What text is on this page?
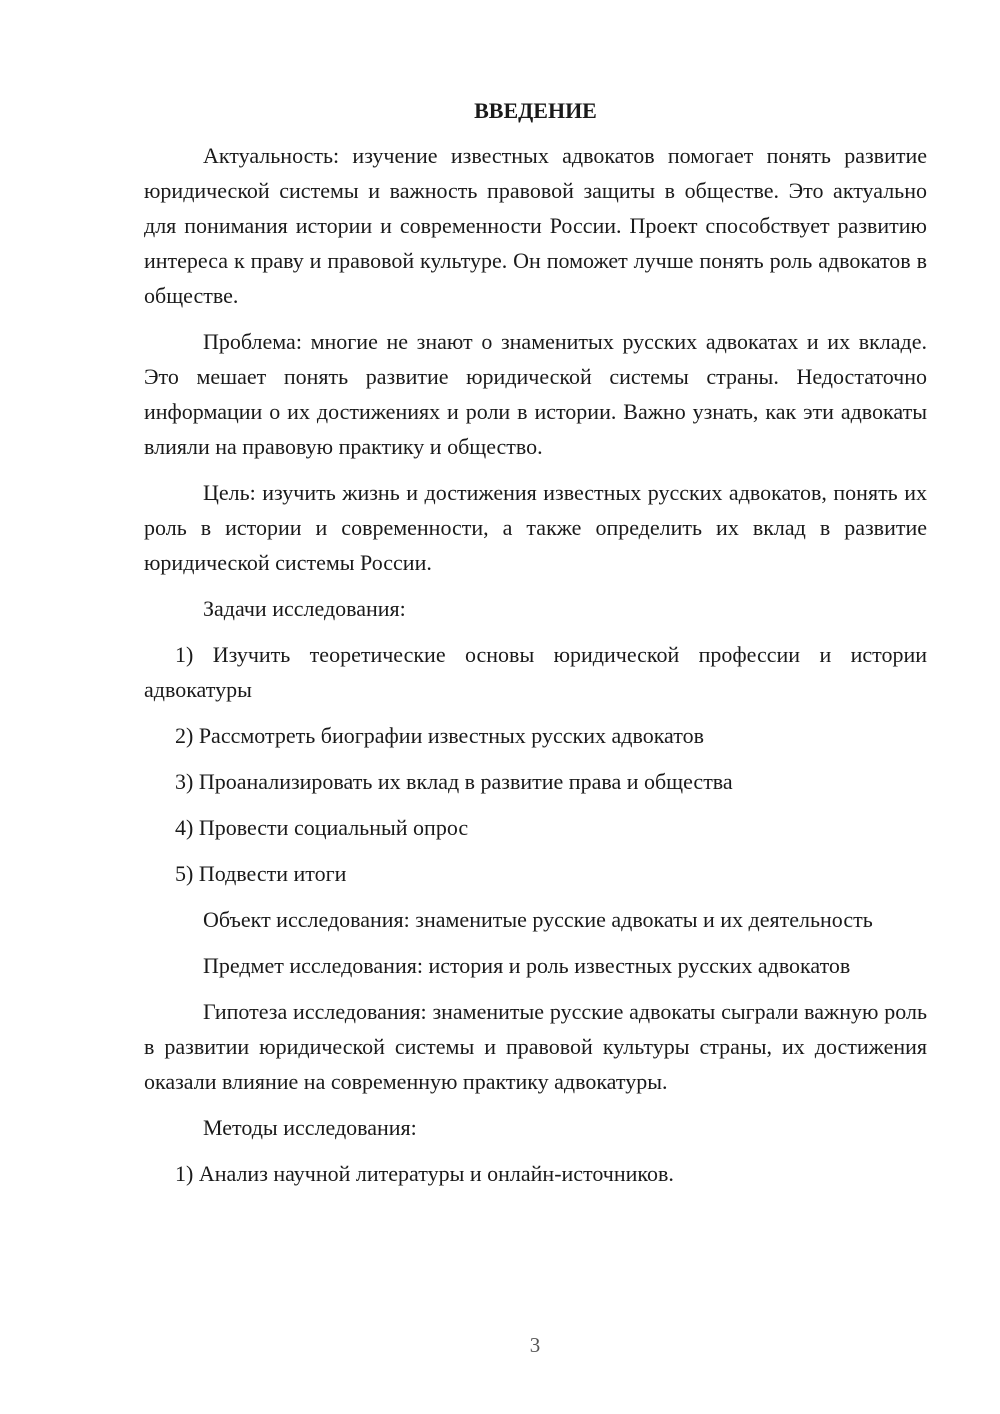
ВВЕДЕНИЕ

Актуальность: изучение известных адвокатов помогает понять развитие юридической системы и важность правовой защиты в обществе. Это актуально для понимания истории и современности России. Проект способствует развитию интереса к праву и правовой культуре. Он поможет лучше понять роль адвокатов в обществе.

Проблема: многие не знают о знаменитых русских адвокатах и их вкладе. Это мешает понять развитие юридической системы страны. Недостаточно информации о их достижениях и роли в истории. Важно узнать, как эти адвокаты влияли на правовую практику и общество.

Цель: изучить жизнь и достижения известных русских адвокатов, понять их роль в истории и современности, а также определить их вклад в развитие юридической системы России.

Задачи исследования:

1) Изучить теоретические основы юридической профессии и истории адвокатуры

2) Рассмотреть биографии известных русских адвокатов

3) Проанализировать их вклад в развитие права и общества

4) Провести социальный опрос

5) Подвести итоги

Объект исследования: знаменитые русские адвокаты и их деятельность

Предмет исследования: история и роль известных русских адвокатов

Гипотеза исследования: знаменитые русские адвокаты сыграли важную роль в развитии юридической системы и правовой культуры страны, их достижения оказали влияние на современную практику адвокатуры.

Методы исследования:

1) Анализ научной литературы и онлайн-источников.

3
